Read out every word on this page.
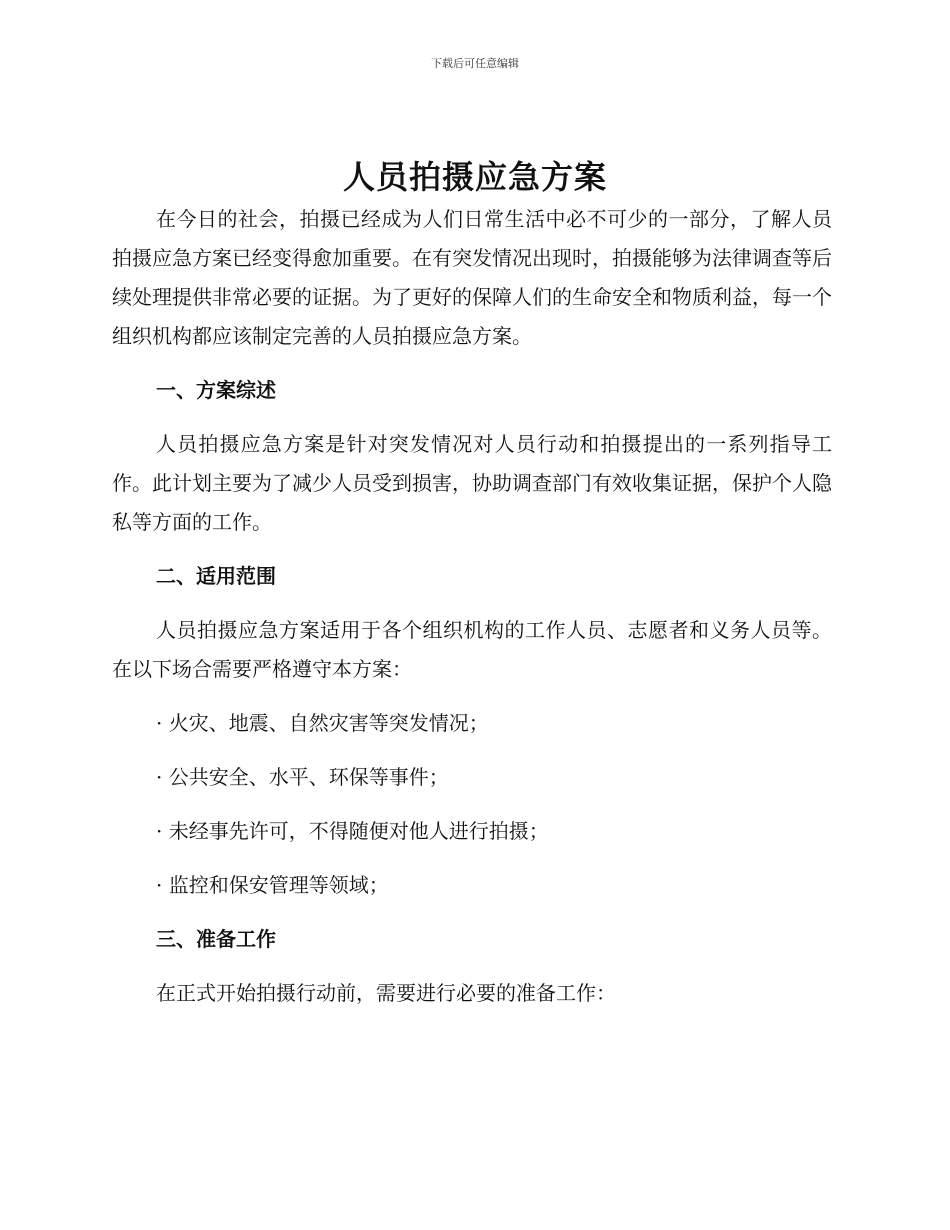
下载后可任意编辑
人员拍摄应急方案

在今日的社会，拍摄已经成为人们日常生活中必不可少的一部分，了解人员拍摄应急方案已经变得愈加重要。在有突发情况出现时，拍摄能够为法律调查等后续处理提供非常必要的证据。为了更好的保障人们的生命安全和物质利益，每一个组织机构都应该制定完善的人员拍摄应急方案。

一、方案综述

人员拍摄应急方案是针对突发情况对人员行动和拍摄提出的一系列指导工作。此计划主要为了减少人员受到损害，协助调查部门有效收集证据，保护个人隐私等方面的工作。

二、适用范围

人员拍摄应急方案适用于各个组织机构的工作人员、志愿者和义务人员等。在以下场合需要严格遵守本方案：

· 火灾、地震、自然灾害等突发情况；

· 公共安全、水平、环保等事件；

· 未经事先许可，不得随便对他人进行拍摄；

· 监控和保安管理等领域；

三、准备工作

在正式开始拍摄行动前，需要进行必要的准备工作：
